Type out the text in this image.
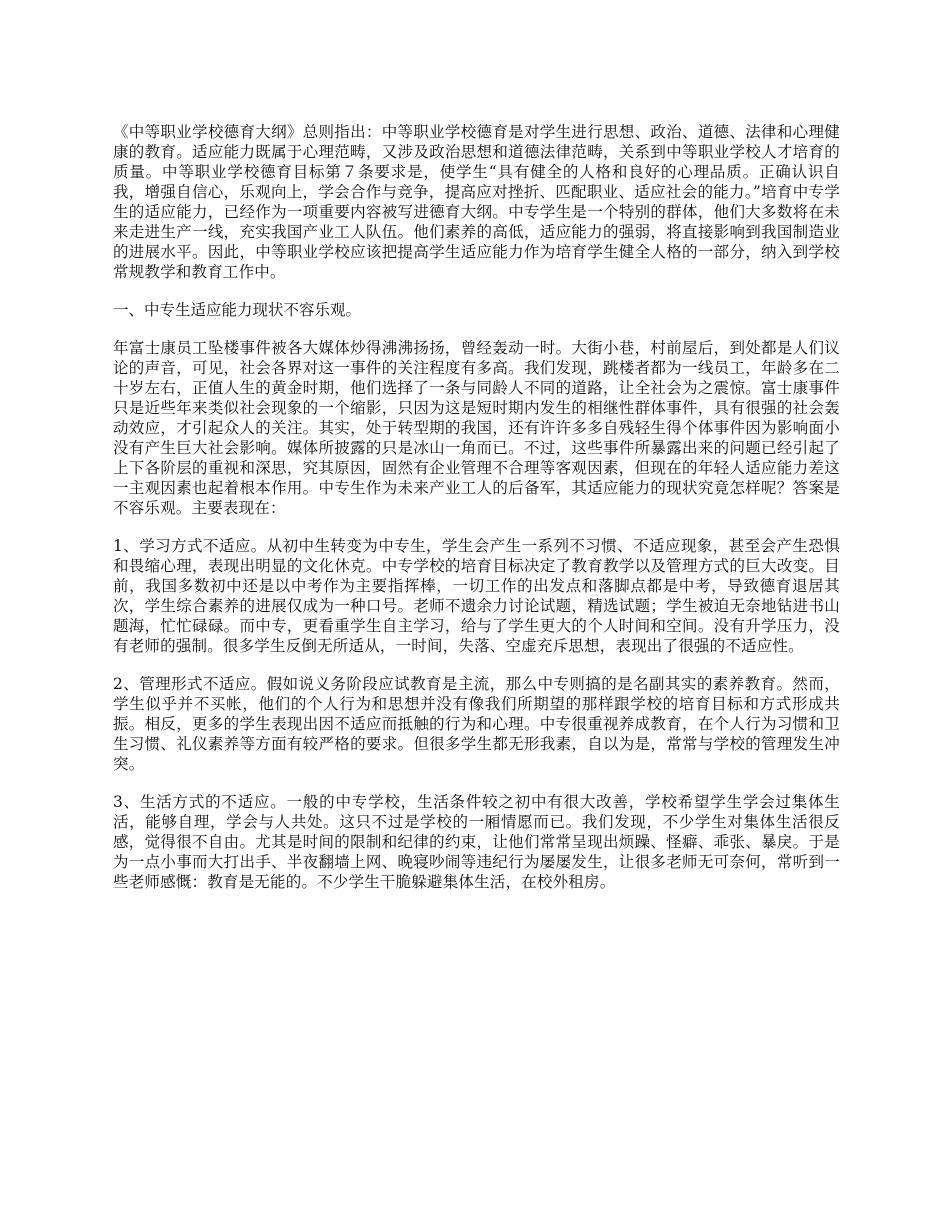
《中等职业学校德育大纲》总则指出：中等职业学校德育是对学生进行思想、政治、道德、法律和心理健康的教育。适应能力既属于心理范畴，又涉及政治思想和道德法律范畴，关系到中等职业学校人才培育的质量。中等职业学校德育目标第７条要求是，使学生“具有健全的人格和良好的心理品质。正确认识自我，增强自信心，乐观向上，学会合作与竞争，提高应对挫折、匹配职业、适应社会的能力。”培育中专学生的适应能力，已经作为一项重要内容被写进德育大纲。中专学生是一个特别的群体，他们大多数将在未来走进生产一线，充实我国产业工人队伍。他们素养的高低，适应能力的强弱，将直接影响到我国制造业的进展水平。因此，中等职业学校应该把提高学生适应能力作为培育学生健全人格的一部分，纳入到学校常规教学和教育工作中。

一、中专生适应能力现状不容乐观。

年富士康员工坠楼事件被各大媒体炒得沸沸扬扬，曾经轰动一时。大街小巷，村前屋后，到处都是人们议论的声音，可见，社会各界对这一事件的关注程度有多高。我们发现，跳楼者都为一线员工，年龄多在二十岁左右，正值人生的黄金时期，他们选择了一条与同龄人不同的道路，让全社会为之震惊。富士康事件只是近些年来类似社会现象的一个缩影，只因为这是短时期内发生的相继性群体事件，具有很强的社会轰动效应，才引起众人的关注。其实，处于转型期的我国，还有许许多多自残轻生得个体事件因为影响面小没有产生巨大社会影响。媒体所披露的只是冰山一角而已。不过，这些事件所暴露出来的问题已经引起了上下各阶层的重视和深思，究其原因，固然有企业管理不合理等客观因素，但现在的年轻人适应能力差这一主观因素也起着根本作用。中专生作为未来产业工人的后备军，其适应能力的现状究竟怎样呢？答案是不容乐观。主要表现在：

1、学习方式不适应。从初中生转变为中专生，学生会产生一系列不习惯、不适应现象，甚至会产生恐惧和畏缩心理，表现出明显的文化休克。中专学校的培育目标决定了教育教学以及管理方式的巨大改变。目前，我国多数初中还是以中考作为主要指挥棒，一切工作的出发点和落脚点都是中考，导致德育退居其次，学生综合素养的进展仅成为一种口号。老师不遗余力讨论试题，精选试题；学生被迫无奈地钻进书山题海，忙忙碌碌。而中专，更看重学生自主学习，给与了学生更大的个人时间和空间。没有升学压力，没有老师的强制。很多学生反倒无所适从，一时间，失落、空虚充斥思想，表现出了很强的不适应性。

2、管理形式不适应。假如说义务阶段应试教育是主流，那么中专则搞的是名副其实的素养教育。然而，学生似乎并不买帐，他们的个人行为和思想并没有像我们所期望的那样跟学校的培育目标和方式形成共振。相反，更多的学生表现出因不适应而抵触的行为和心理。中专很重视养成教育，在个人行为习惯和卫生习惯、礼仪素养等方面有较严格的要求。但很多学生都无形我素，自以为是，常常与学校的管理发生冲突。

3、生活方式的不适应。一般的中专学校，生活条件较之初中有很大改善，学校希望学生学会过集体生活，能够自理，学会与人共处。这只不过是学校的一厢情愿而已。我们发现，不少学生对集体生活很反感，觉得很不自由。尤其是时间的限制和纪律的约束，让他们常常呈现出烦躁、怪癖、乖张、暴戾。于是为一点小事而大打出手、半夜翻墙上网、晚寝吵闹等违纪行为屡屡发生，让很多老师无可奈何，常听到一些老师感慨：教育是无能的。不少学生干脆躲避集体生活，在校外租房。
